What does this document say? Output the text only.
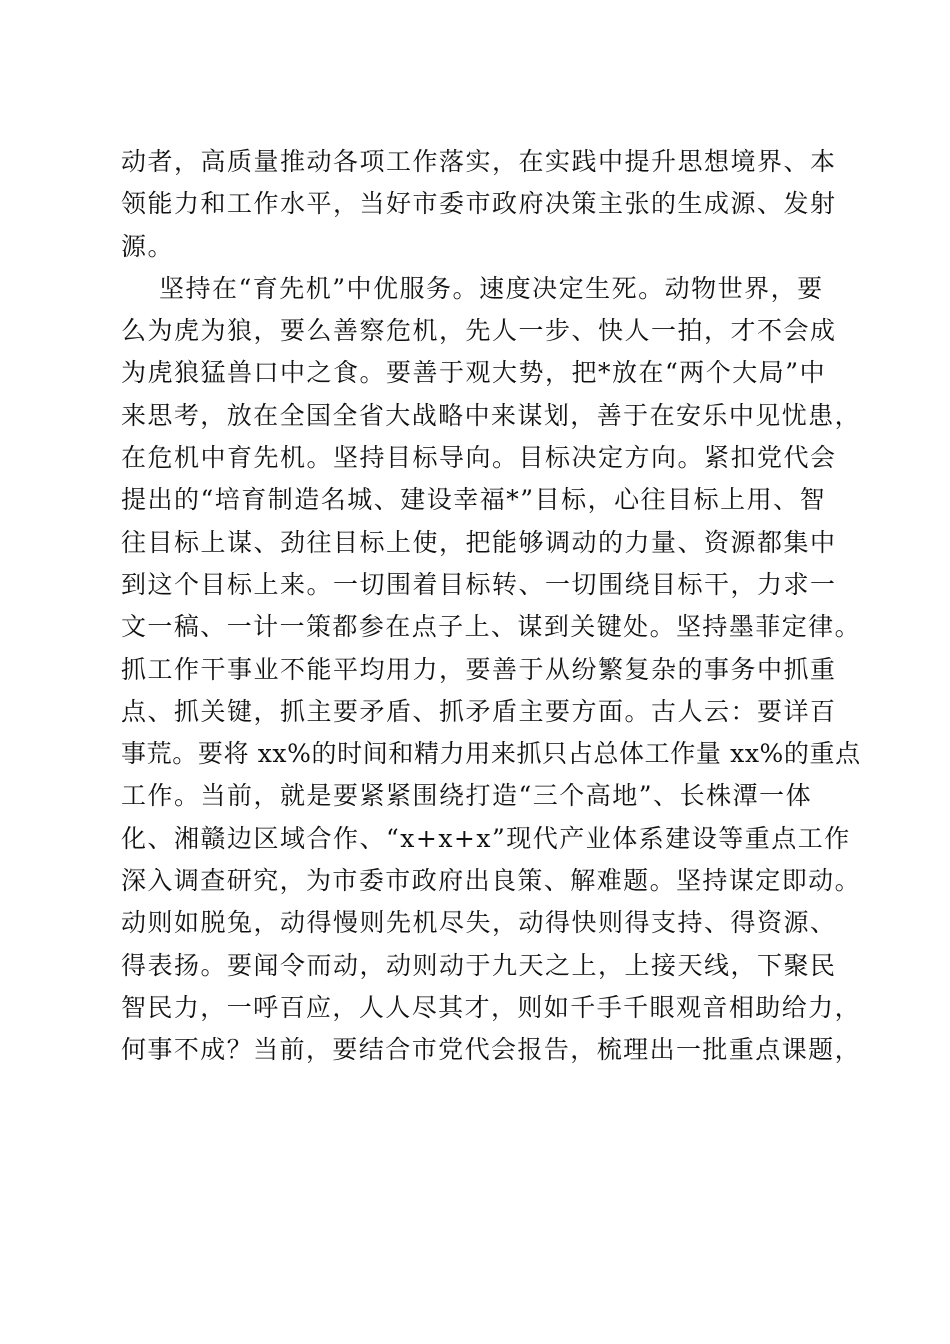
动者，高质量推动各项工作落实，在实践中提升思想境界、本
领能力和工作水平，当好市委市政府决策主张的生成源、发射
源。
坚持在“育先机”中优服务。速度决定生死。动物世界，要
么为虎为狼，要么善察危机，先人一步、快人一拍，才不会成
为虎狼猛兽口中之食。要善于观大势，把*放在“两个大局”中
来思考，放在全国全省大战略中来谋划，善于在安乐中见忧患，
在危机中育先机。坚持目标导向。目标决定方向。紧扣党代会
提出的“培育制造名城、建设幸福*”目标，心往目标上用、智
往目标上谋、劲往目标上使，把能够调动的力量、资源都集中
到这个目标上来。一切围着目标转、一切围绕目标干，力求一
文一稿、一计一策都参在点子上、谋到关键处。坚持墨菲定律。
抓工作干事业不能平均用力，要善于从纷繁复杂的事务中抓重
点、抓关键，抓主要矛盾、抓矛盾主要方面。古人云：要详百
事荒。要将 xx%的时间和精力用来抓只占总体工作量 xx%的重点
工作。当前，就是要紧紧围绕打造“三个高地”、长株潭一体
化、湘赣边区域合作、“x+x+x”现代产业体系建设等重点工作
深入调查研究，为市委市政府出良策、解难题。坚持谋定即动。
动则如脱兔，动得慢则先机尽失，动得快则得支持、得资源、
得表扬。要闻令而动，动则动于九天之上，上接天线，下聚民
智民力，一呼百应，人人尽其才，则如千手千眼观音相助给力，
何事不成？当前，要结合市党代会报告，梳理出一批重点课题，
